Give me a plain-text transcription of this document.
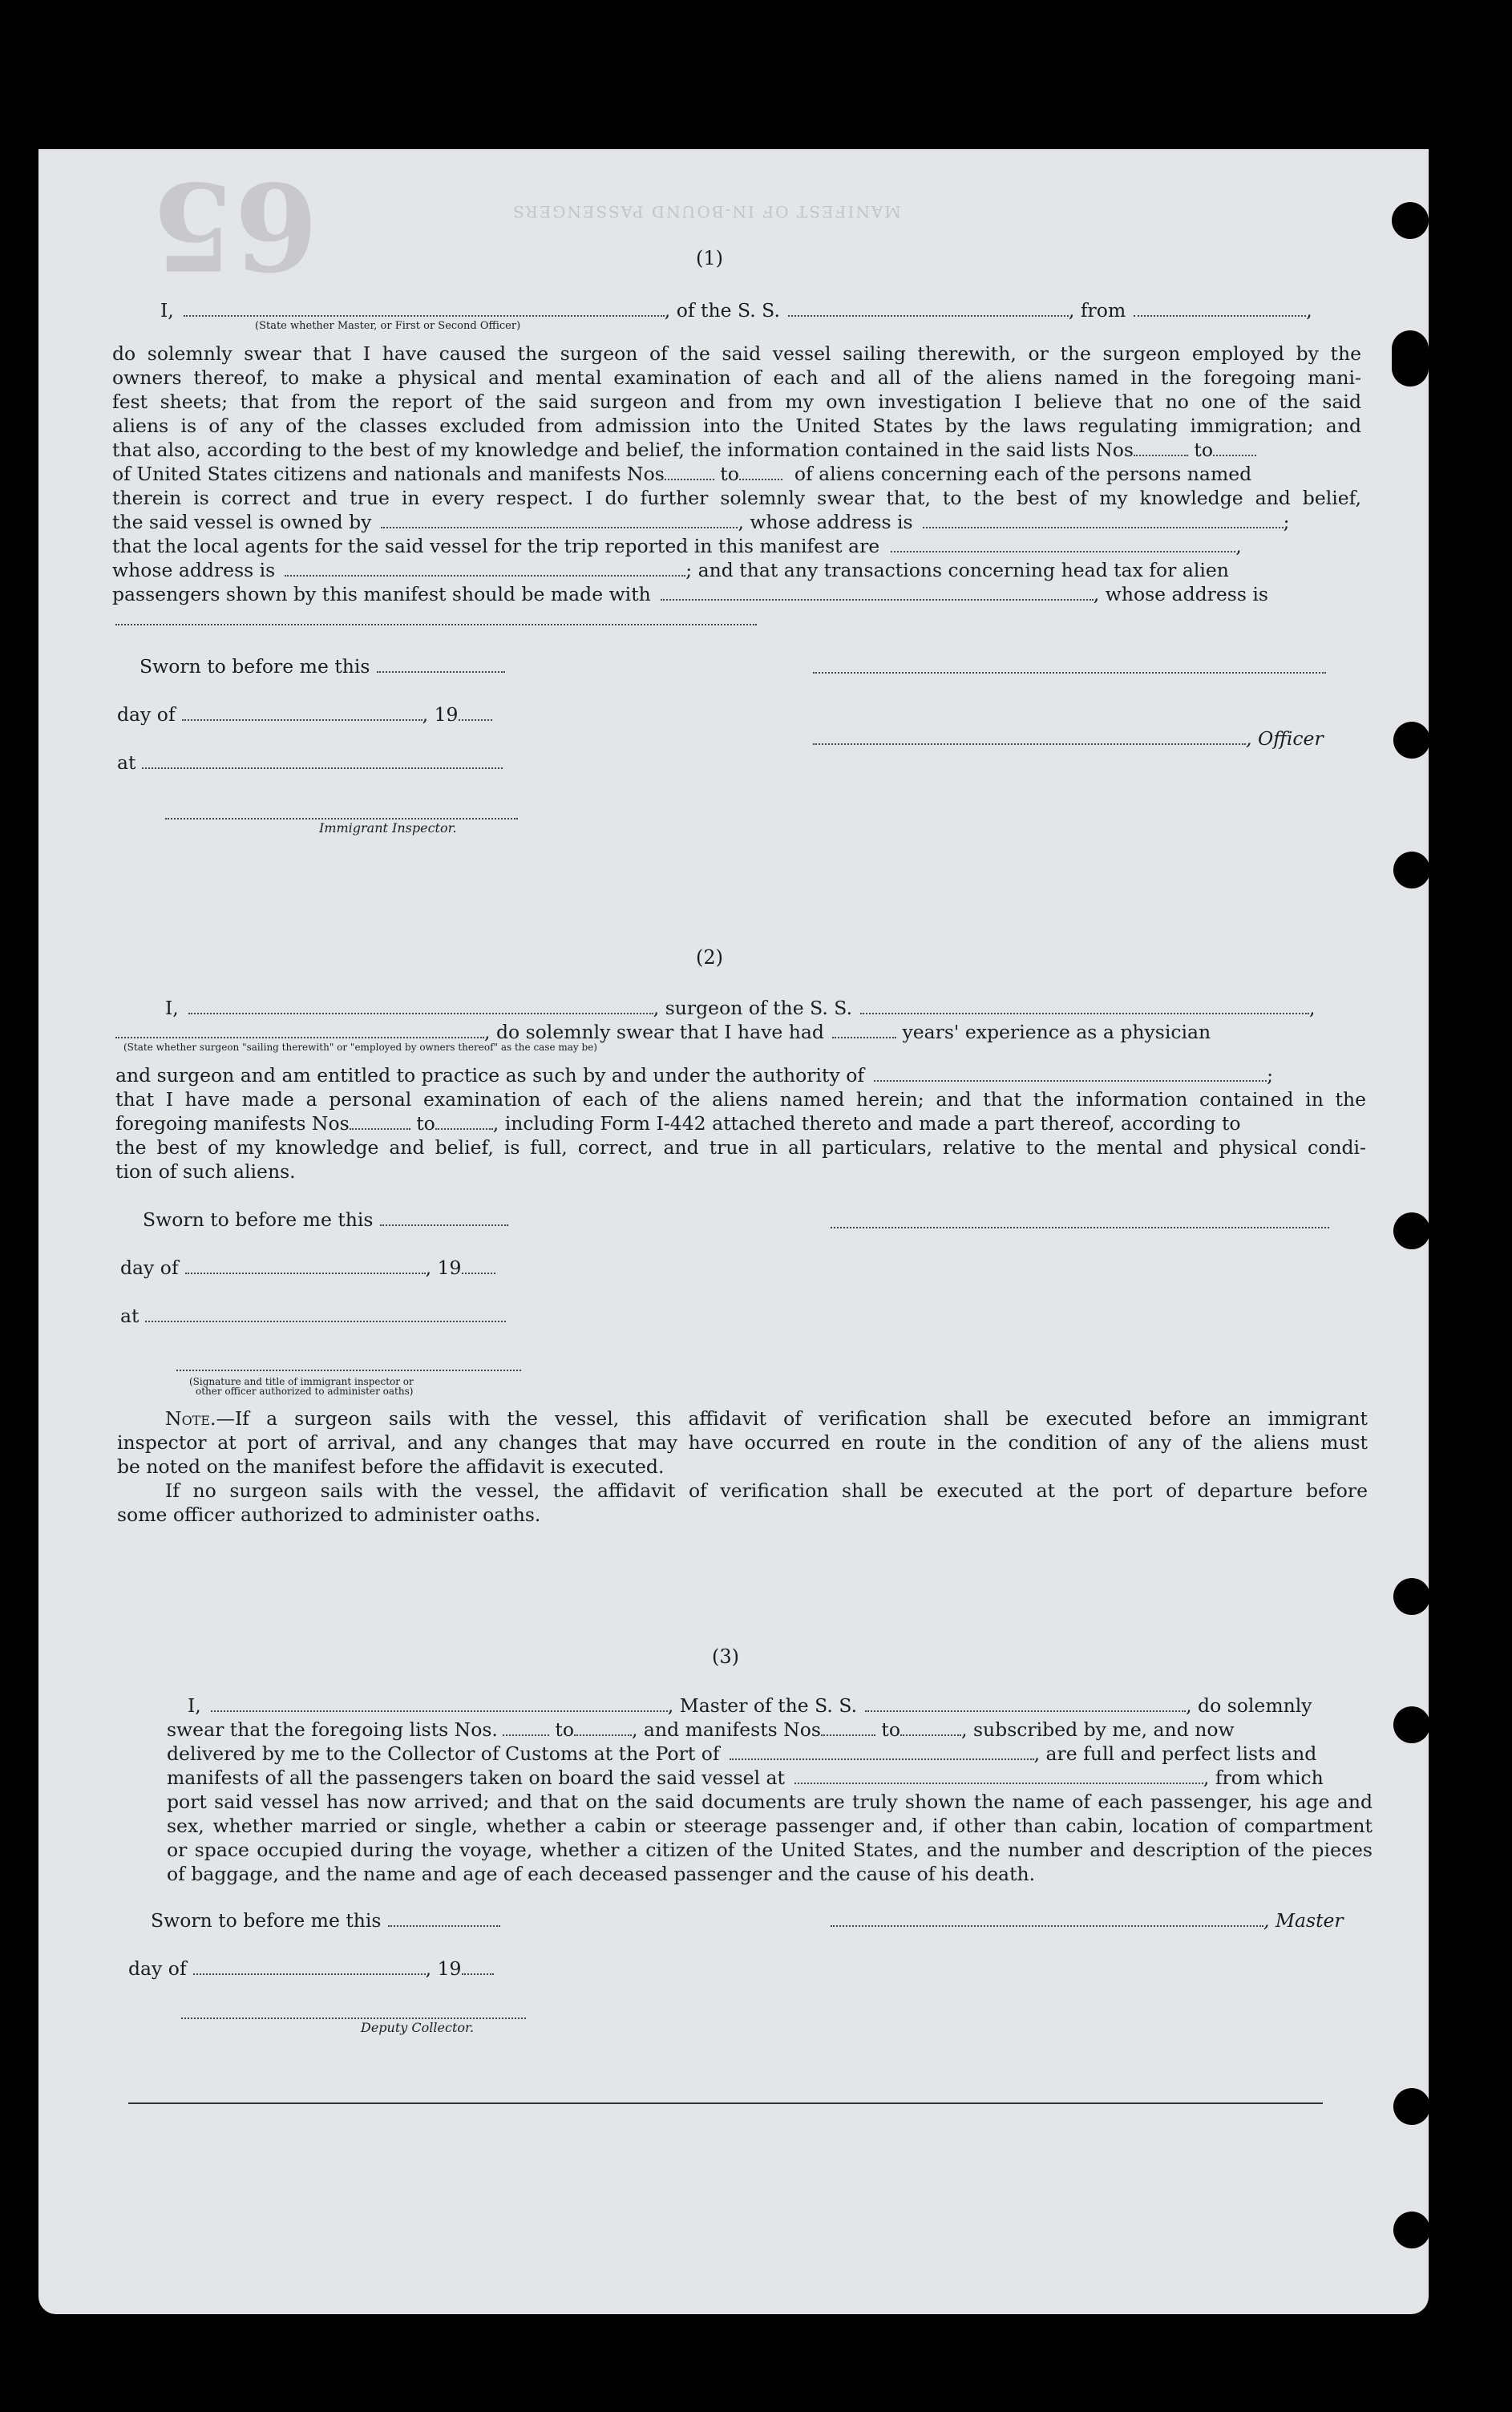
65	MANIFEST OF IN-BOUND PASSENGERS
(1)
I,	, of the S. S.	, from	,
(State whether Master, or First or Second Officer)
do solemnly swear that I have caused the surgeon of the said vessel sailing therewith, or the surgeon employed by the
owners thereof, to make a physical and mental examination of each and all of the aliens named in the foregoing mani-
fest sheets; that from the report of the said surgeon and from my own investigation I believe that no one of the said
aliens is of any of the classes excluded from admission into the United States by the laws regulating immigration; and
that also, according to the best of my knowledge and belief, the information contained in the said lists Nos	to
of United States citizens and nationals and manifests Nos	to	of aliens concerning each of the persons named
therein is correct and true in every respect. I do further solemnly swear that, to the best of my knowledge and belief,
the said vessel is owned by	, whose address is	;
that the local agents for the said vessel for the trip reported in this manifest are	,
whose address is	; and that any transactions concerning head tax for alien
passengers shown by this manifest should be made with	, whose address is
Sworn to before me this
day of	, 19
, Officer
at
Immigrant Inspector.
(2)
I,	, surgeon of the S. S.	,
, do solemnly swear that I have had	years' experience as a physician
(State whether surgeon "sailing therewith" or "employed by owners thereof" as the case may be)
and surgeon and am entitled to practice as such by and under the authority of	;
that I have made a personal examination of each of the aliens named herein; and that the information contained in the
foregoing manifests Nos	to	, including Form I-442 attached thereto and made a part thereof, according to
the best of my knowledge and belief, is full, correct, and true in all particulars, relative to the mental and physical condi-
tion of such aliens.
Sworn to before me this
day of	, 19
at
(Signature and title of immigrant inspector or
other officer authorized to administer oaths)
Note.—If a surgeon sails with the vessel, this affidavit of verification shall be executed before an immigrant
inspector at port of arrival, and any changes that may have occurred en route in the condition of any of the aliens must
be noted on the manifest before the affidavit is executed.
If no surgeon sails with the vessel, the affidavit of verification shall be executed at the port of departure before
some officer authorized to administer oaths.
(3)
I,	, Master of the S. S.	, do solemnly
swear that the foregoing lists Nos.	to	, and manifests Nos	to	, subscribed by me, and now
delivered by me to the Collector of Customs at the Port of	, are full and perfect lists and
manifests of all the passengers taken on board the said vessel at	, from which
port said vessel has now arrived; and that on the said documents are truly shown the name of each passenger, his age and
sex, whether married or single, whether a cabin or steerage passenger and, if other than cabin, location of compartment
or space occupied during the voyage, whether a citizen of the United States, and the number and description of the pieces
of baggage, and the name and age of each deceased passenger and the cause of his death.
Sworn to before me this	, Master
day of	, 19
Deputy Collector.
